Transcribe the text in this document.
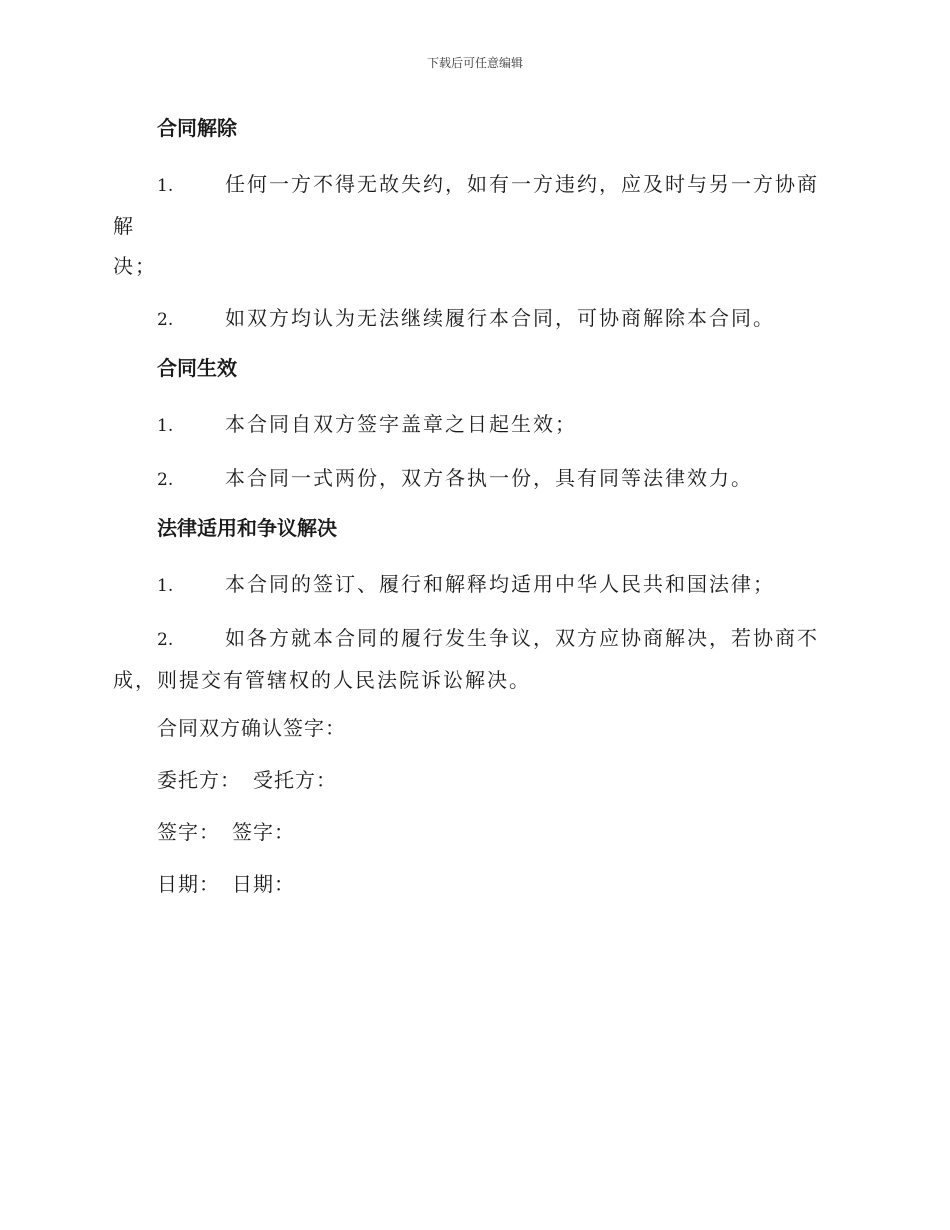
下载后可任意编辑
合同解除

1.	任何一方不得无故失约，如有一方违约，应及时与另一方协商解

决；

2.	如双方均认为无法继续履行本合同，可协商解除本合同。

合同生效

1.	本合同自双方签字盖章之日起生效；

2.	本合同一式两份，双方各执一份，具有同等法律效力。

法律适用和争议解决

1.	本合同的签订、履行和解释均适用中华人民共和国法律；

2.	如各方就本合同的履行发生争议，双方应协商解决，若协商不

成，则提交有管辖权的人民法院诉讼解决。

合同双方确认签字：

委托方： 受托方：

签字： 签字：

日期： 日期：
